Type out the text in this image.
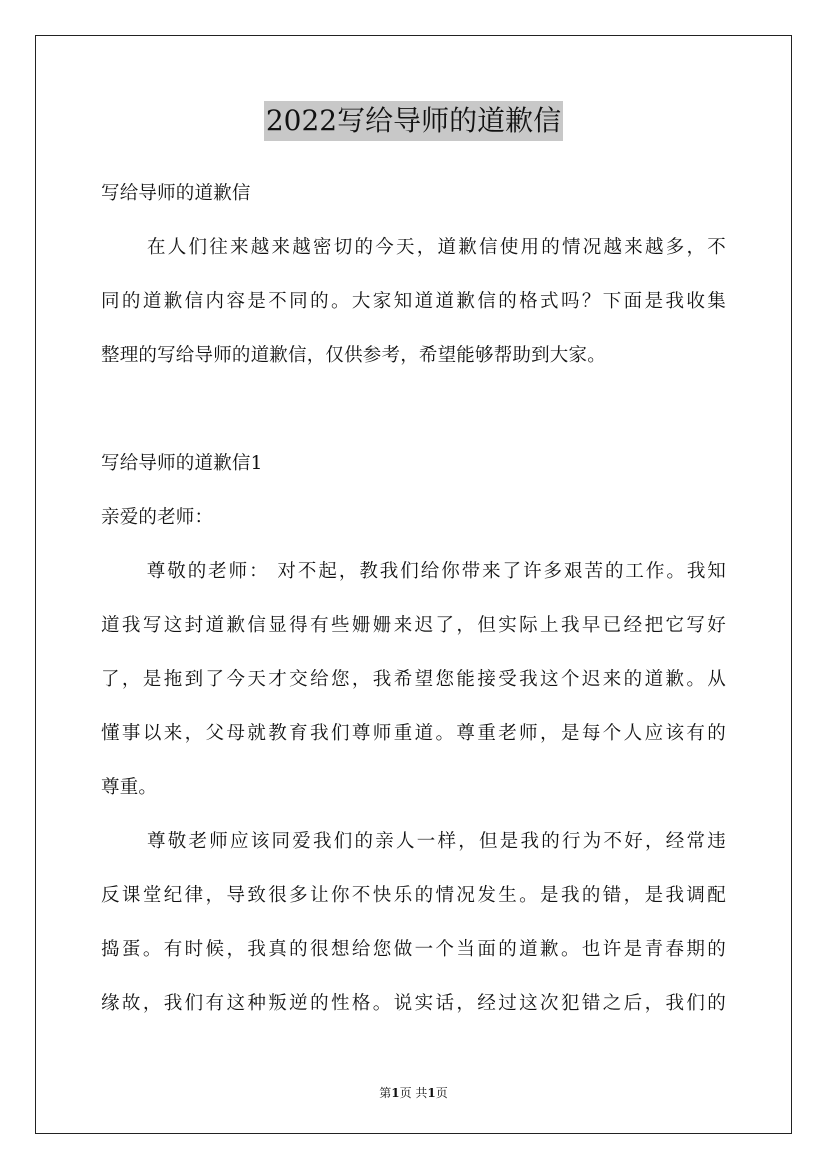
2022写给导师的道歉信
写给导师的道歉信
在人们往来越来越密切的今天，道歉信使用的情况越来越多，不
同的道歉信内容是不同的。大家知道道歉信的格式吗？下面是我收集
整理的写给导师的道歉信，仅供参考，希望能够帮助到大家。
写给导师的道歉信1
亲爱的老师：
尊敬的老师： 对不起，教我们给你带来了许多艰苦的工作。我知
道我写这封道歉信显得有些姗姗来迟了，但实际上我早已经把它写好
了，是拖到了今天才交给您，我希望您能接受我这个迟来的道歉。从
懂事以来，父母就教育我们尊师重道。尊重老师，是每个人应该有的
尊重。
尊敬老师应该同爱我们的亲人一样，但是我的行为不好，经常违
反课堂纪律，导致很多让你不快乐的情况发生。是我的错，是我调配
捣蛋。有时候，我真的很想给您做一个当面的道歉。也许是青春期的
缘故，我们有这种叛逆的性格。说实话，经过这次犯错之后，我们的
第1页 共1页
